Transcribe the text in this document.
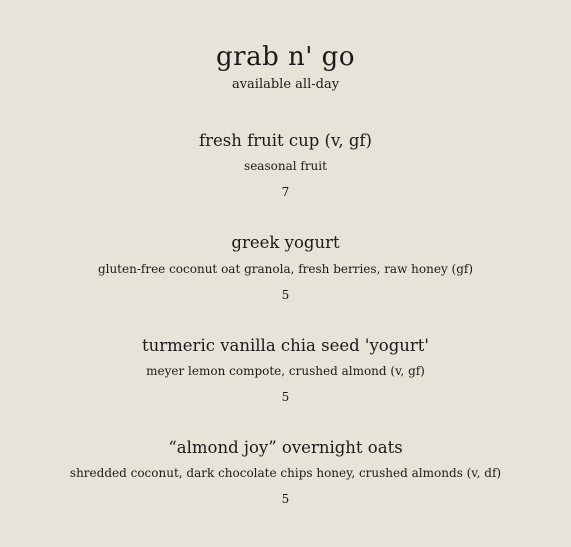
grab n' go
available all-day
fresh fruit cup (v, gf)
seasonal fruit
7
greek yogurt
gluten-free coconut oat granola, fresh berries, raw honey (gf)
5
turmeric vanilla chia seed 'yogurt'
meyer lemon compote, crushed almond (v, gf)
5
“almond joy” overnight oats
shredded coconut, dark chocolate chips honey, crushed almonds (v, df)
5
